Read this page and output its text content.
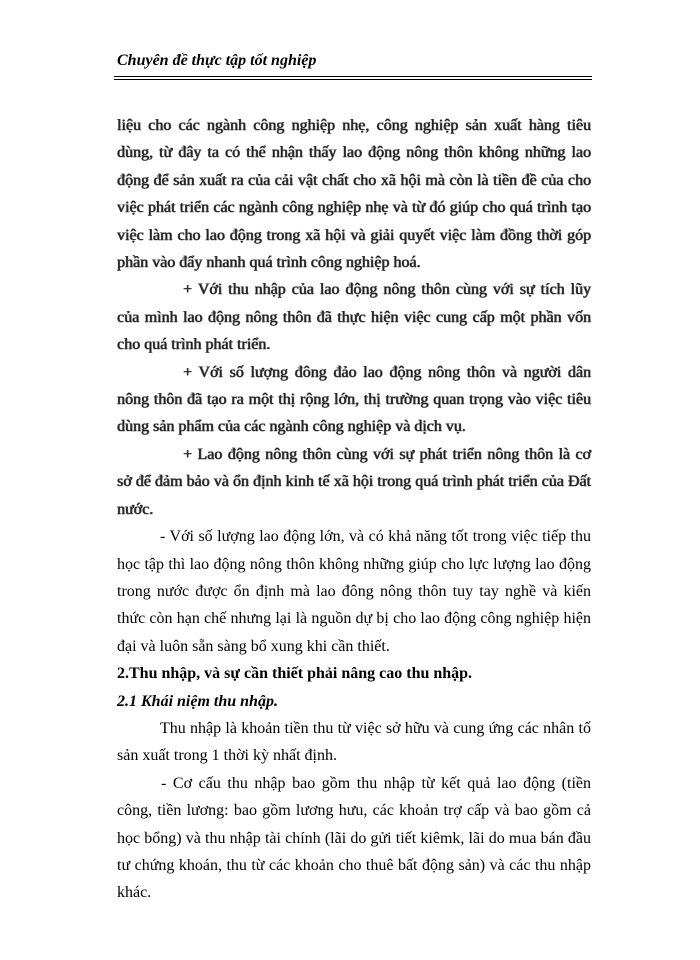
Chuyên đề thực tập tốt nghiệp

liệu cho các ngành công nghiệp nhẹ, công nghiệp sản xuất hàng tiêu dùng, từ đây ta có thể nhận thấy lao động nông thôn không những lao động để sản xuất ra của cải vật chất cho xã hội mà còn là tiền đề của cho việc phát triển các ngành công nghiệp nhẹ và từ đó giúp cho quá trình tạo việc làm cho lao động trong xã hội và giải quyết việc làm đồng thời góp phần vào đẩy nhanh quá trình công nghiệp hoá.

+ Với thu nhập của lao động nông thôn cùng với sự tích lũy của mình lao động nông thôn đã thực hiện việc cung cấp một phần vốn cho quá trình phát triển.

+ Với số lượng đông đảo lao động nông thôn và người dân nông thôn đã tạo ra một thị rộng lớn, thị trường quan trọng vào việc tiêu dùng sản phẩm của các ngành công nghiệp và dịch vụ.

+ Lao động nông thôn cùng với sự phát triển nông thôn là cơ sở để đảm bảo và ổn định kinh tế xã hội trong quá trình phát triển của Đất nước.

- Với số lượng lao động lớn, và có khả năng tốt trong việc tiếp thu học tập thì lao động nông thôn không những giúp cho lực lượng lao động trong nước được ổn định mà lao đông nông thôn tuy tay nghề và kiến thức còn hạn chế nhưng lại là nguồn dự bị cho lao động công nghiệp hiện đại và luôn sẵn sàng bổ xung khi cần thiết.

2.Thu nhập, và sự cần thiết phải nâng cao thu nhập.

2.1 Khái niệm thu nhập.

Thu nhập là khoản tiền thu từ việc sở hữu và cung ứng các nhân tố sản xuất trong 1 thời kỳ nhất định.

- Cơ cấu thu nhập bao gồm thu nhập từ kết quả lao động (tiền công, tiền lương: bao gồm lương hưu, các khoản trợ cấp và bao gồm cả học bổng) và thu nhập tài chính (lãi do gửi tiết kiêmk, lãi do mua bán đầu tư chứng khoán, thu từ các khoản cho thuê bất động sản) và các thu nhập khác.
